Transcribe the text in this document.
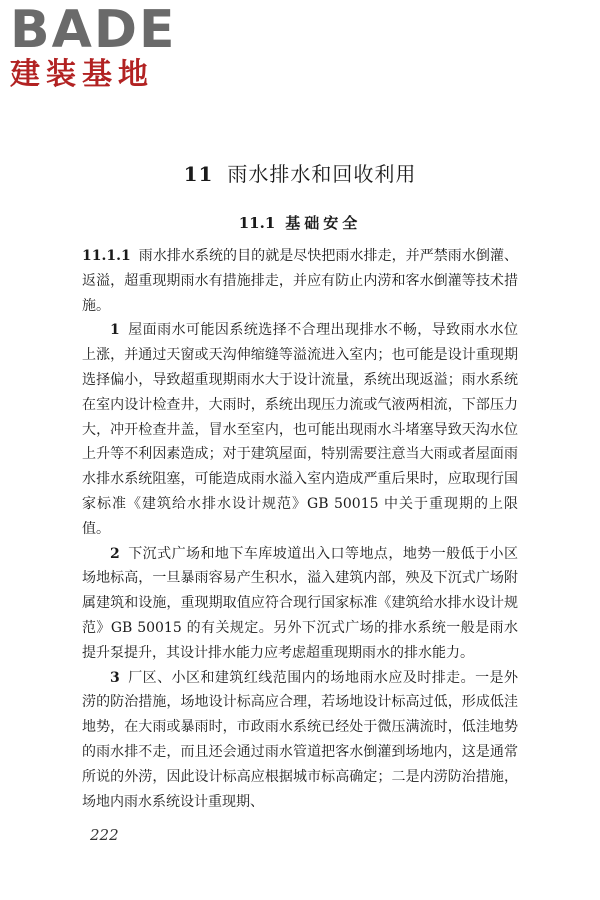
BADE
建装基地
11 雨水排水和回收利用
11.1 基础安全

11.1.1 雨水排水系统的目的就是尽快把雨水排走，并严禁雨水倒灌、返溢，超重现期雨水有措施排走，并应有防止内涝和客水倒灌等技术措施。

1 屋面雨水可能因系统选择不合理出现排水不畅，导致雨水水位上涨，并通过天窗或天沟伸缩缝等溢流进入室内；也可能是设计重现期选择偏小，导致超重现期雨水大于设计流量，系统出现返溢；雨水系统在室内设计检查井，大雨时，系统出现压力流或气液两相流，下部压力大，冲开检查井盖，冒水至室内，也可能出现雨水斗堵塞导致天沟水位上升等不利因素造成；对于建筑屋面，特别需要注意当大雨或者屋面雨水排水系统阻塞，可能造成雨水溢入室内造成严重后果时，应取现行国家标准《建筑给水排水设计规范》GB 50015 中关于重现期的上限值。

2 下沉式广场和地下车库坡道出入口等地点，地势一般低于小区场地标高，一旦暴雨容易产生积水，溢入建筑内部，殃及下沉式广场附属建筑和设施，重现期取值应符合现行国家标准《建筑给水排水设计规范》GB 50015 的有关规定。另外下沉式广场的排水系统一般是雨水提升泵提升，其设计排水能力应考虑超重现期雨水的排水能力。

3 厂区、小区和建筑红线范围内的场地雨水应及时排走。一是外涝的防治措施，场地设计标高应合理，若场地设计标高过低，形成低洼地势，在大雨或暴雨时，市政雨水系统已经处于微压满流时，低洼地势的雨水排不走，而且还会通过雨水管道把客水倒灌到场地内，这是通常所说的外涝，因此设计标高应根据城市标高确定；二是内涝防治措施，场地内雨水系统设计重现期、

222
